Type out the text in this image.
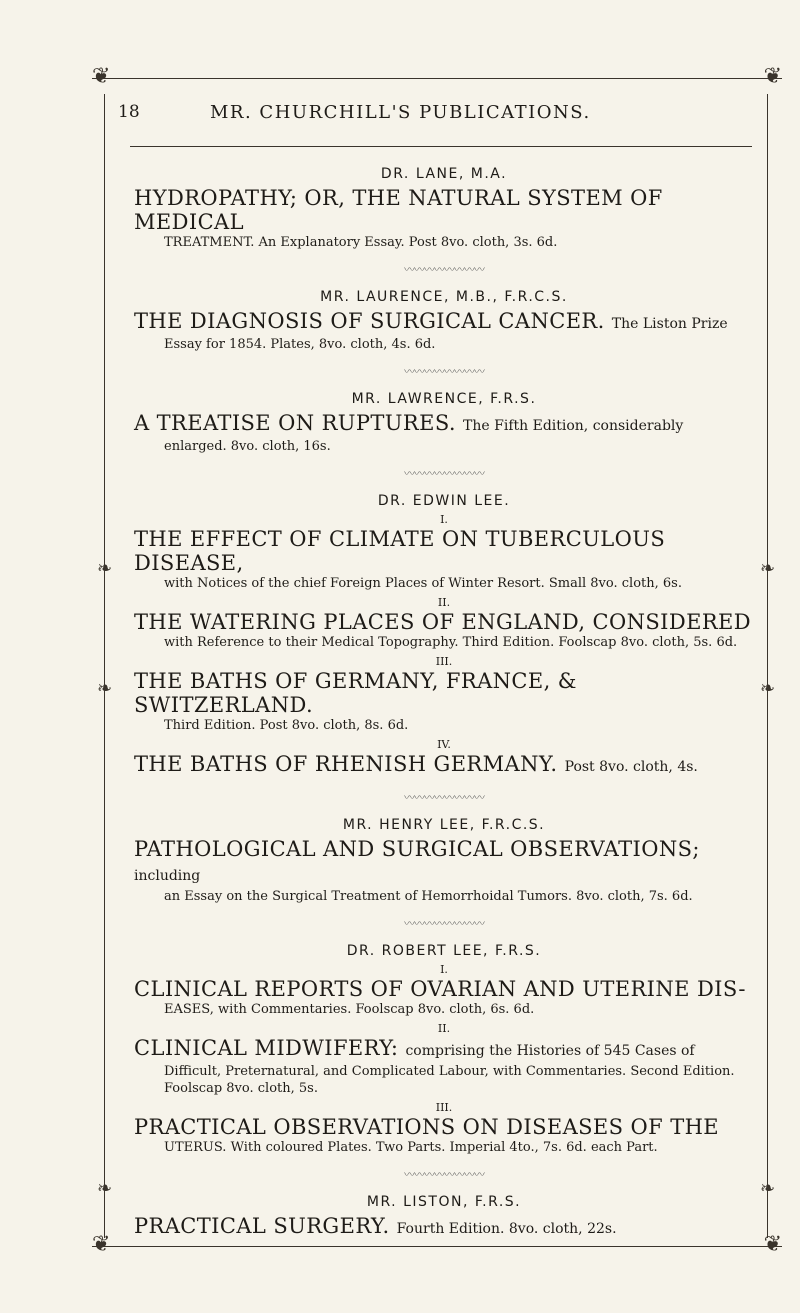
❦	❦
❦	❦
❧
❧
❧
❧
❧
❧
18	MR. CHURCHILL'S PUBLICATIONS.
DR. LANE, M.A.
HYDROPATHY; OR, THE NATURAL SYSTEM OF MEDICAL
TREATMENT. An Explanatory Essay. Post 8vo. cloth, 3s. 6d.
〰〰〰〰〰〰〰〰
MR. LAURENCE, M.B., F.R.C.S.
THE DIAGNOSIS OF SURGICAL CANCER. The Liston Prize
Essay for 1854. Plates, 8vo. cloth, 4s. 6d.
〰〰〰〰〰〰〰〰
MR. LAWRENCE, F.R.S.
A TREATISE ON RUPTURES. The Fifth Edition, considerably
enlarged. 8vo. cloth, 16s.
〰〰〰〰〰〰〰〰
DR. EDWIN LEE.
I.
THE EFFECT OF CLIMATE ON TUBERCULOUS DISEASE,
with Notices of the chief Foreign Places of Winter Resort. Small 8vo. cloth, 6s.
II.
THE WATERING PLACES OF ENGLAND, CONSIDERED
with Reference to their Medical Topography. Third Edition. Foolscap 8vo. cloth, 5s. 6d.
III.
THE BATHS OF GERMANY, FRANCE, & SWITZERLAND.
Third Edition. Post 8vo. cloth, 8s. 6d.
IV.
THE BATHS OF RHENISH GERMANY. Post 8vo. cloth, 4s.
〰〰〰〰〰〰〰〰
MR. HENRY LEE, F.R.C.S.
PATHOLOGICAL AND SURGICAL OBSERVATIONS; including
an Essay on the Surgical Treatment of Hemorrhoidal Tumors. 8vo. cloth, 7s. 6d.
〰〰〰〰〰〰〰〰
DR. ROBERT LEE, F.R.S.
I.
CLINICAL REPORTS OF OVARIAN AND UTERINE DIS-
EASES, with Commentaries. Foolscap 8vo. cloth, 6s. 6d.
II.
CLINICAL MIDWIFERY: comprising the Histories of 545 Cases of
Difficult, Preternatural, and Complicated Labour, with Commentaries. Second Edition. Foolscap 8vo. cloth, 5s.
III.
PRACTICAL OBSERVATIONS ON DISEASES OF THE
UTERUS. With coloured Plates. Two Parts. Imperial 4to., 7s. 6d. each Part.
〰〰〰〰〰〰〰〰
MR. LISTON, F.R.S.
PRACTICAL SURGERY. Fourth Edition. 8vo. cloth, 22s.
